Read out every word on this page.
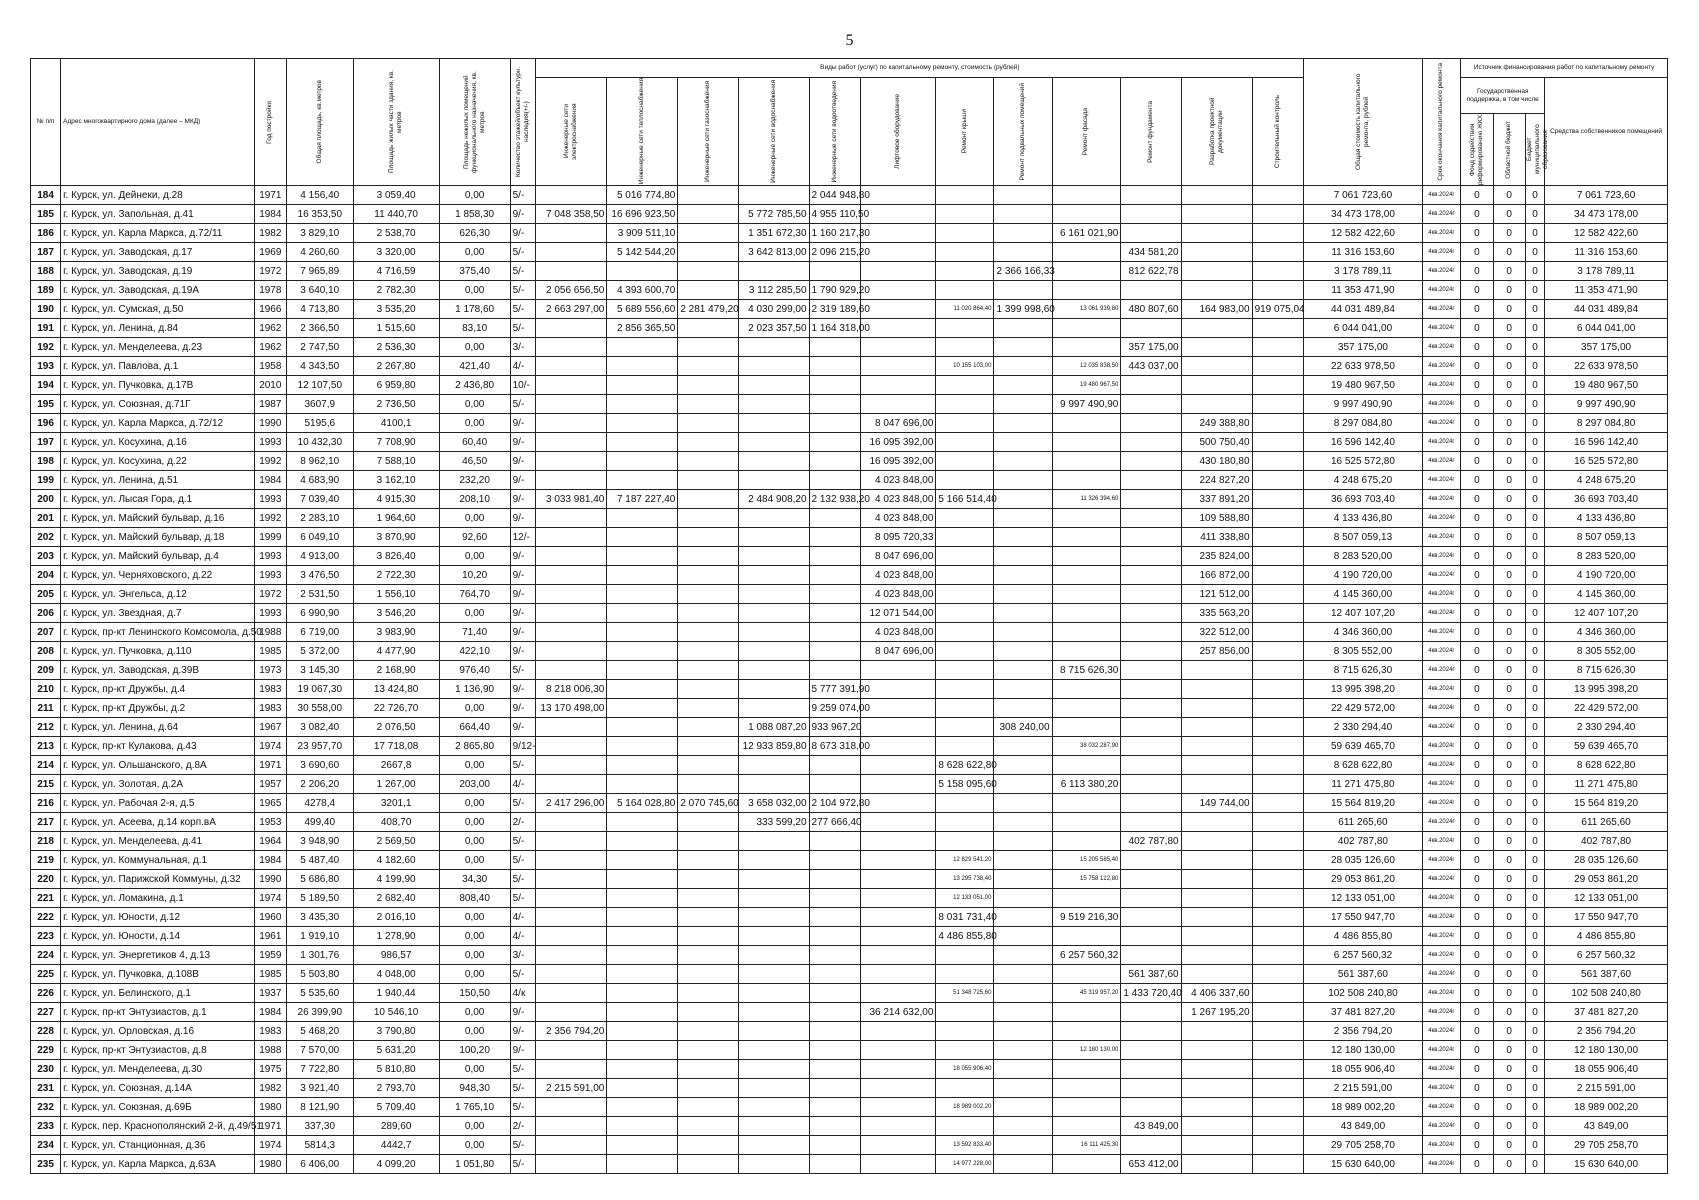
5
№ п/п	Адрес многоквартирного дома (далее – МКД)	Год постройки	Общая площадь, кв.метров	Площадь жилых части здания, кв. метров	Площадь нежилых помещений функционального назначения, кв. метров	Количество этажей/объект культурн. наследия(+/-)	Виды работ (услуг) по капитальному ремонту, стоимость (рублей)												Общая стоимость капитального ремонта, рублей	Срок окончания капитального ремонта	Источник финансирования работ по капитальному ремонту			

							Инженерные сети электроснабжения	Инженерные сети теплоснабжения	Инженерные сети газоснабжения	Инженерные сети водоснабжения	Инженерные сети водоотведения	Лифтовое оборудование	Ремонт крыши	Ремонт подвальных помещений	Ремонт фасада	Ремонт фундамента	Разработка проектной документации	Строительный контроль			Государственная поддержка, в том числе			Средства собственников помещений

																					Фонд содействия реформированию ЖКХ	Областной бюджет	Бюджет муниципального образования	

184	г. Курск, ул. Дейнеки, д.28	1971	4 156,40	3 059,40	0,00	5/-		5 016 774,80			2 044 948,80								7 061 723,60	4кв.2024г	0	0	0	7 061 723,60
185	г. Курск, ул. Запольная, д.41	1984	16 353,50	11 440,70	1 858,30	9/-	7 048 358,50	16 696 923,50		5 772 785,50	4 955 110,50								34 473 178,00	4кв.2024г	0	0	0	34 473 178,00
186	г. Курск, ул. Карла Маркса, д.72/11	1982	3 829,10	2 538,70	626,30	9/-		3 909 511,10		1 351 672,30	1 160 217,30				6 161 021,90				12 582 422,60	4кв.2024г	0	0	0	12 582 422,60
187	г. Курск, ул. Заводская, д.17	1969	4 260,60	3 320,00	0,00	5/-		5 142 544,20		3 642 813,00	2 096 215,20					434 581,20			11 316 153,60	4кв.2024г	0	0	0	11 316 153,60
188	г. Курск, ул. Заводская, д.19	1972	7 965,89	4 716,59	375,40	5/-								2 366 166,33		812 622,78			3 178 789,11	4кв.2024г	0	0	0	3 178 789,11
189	г. Курск, ул. Заводская, д.19А	1978	3 640,10	2 782,30	0,00	5/-	2 056 656,50	4 393 600,70		3 112 285,50	1 790 929,20								11 353 471,90	4кв.2024г	0	0	0	11 353 471,90
190	г. Курск, ул. Сумская, д.50	1966	4 713,80	3 535,20	1 178,60	5/-	2 663 297,00	5 689 556,60	2 281 479,20	4 030 299,00	2 319 189,60		11 020 864,40	1 399 998,60	13 061 939,80	480 807,60	164 983,00	919 075,04	44 031 489,84	4кв.2024г	0	0	0	44 031 489,84
191	г. Курск, ул. Ленина, д.84	1962	2 366,50	1 515,60	83,10	5/-		2 856 365,50		2 023 357,50	1 164 318,00								6 044 041,00	4кв.2024г	0	0	0	6 044 041,00
192	г. Курск, ул. Менделеева, д.23	1962	2 747,50	2 536,30	0,00	3/-										357 175,00			357 175,00	4кв.2024г	0	0	0	357 175,00
193	г. Курск, ул. Павлова, д.1	1958	4 343,50	2 267,80	421,40	4/-							10 155 103,00		12 035 838,50	443 037,00			22 633 978,50	4кв.2024г	0	0	0	22 633 978,50
194	г. Курск, ул. Пучковка, д.17В	2010	12 107,50	6 959,80	2 436,80	10/-									19 480 967,50				19 480 967,50	4кв.2024г	0	0	0	19 480 967,50
195	г. Курск, ул. Союзная, д.71Г	1987	3607,9	2 736,50	0,00	5/-									9 997 490,90				9 997 490,90	4кв.2024г	0	0	0	9 997 490,90
196	г. Курск, ул. Карла Маркса, д.72/12	1990	5195,6	4100,1	0,00	9/-						8 047 696,00					249 388,80		8 297 084,80	4кв.2024г	0	0	0	8 297 084,80
197	г. Курск, ул. Косухина, д.16	1993	10 432,30	7 708,90	60,40	9/-						16 095 392,00					500 750,40		16 596 142,40	4кв.2024г	0	0	0	16 596 142,40
198	г. Курск, ул. Косухина, д.22	1992	8 962,10	7 588,10	46,50	9/-						16 095 392,00					430 180,80		16 525 572,80	4кв.2024г	0	0	0	16 525 572,80
199	г. Курск, ул. Ленина, д.51	1984	4 683,90	3 162,10	232,20	9/-						4 023 848,00					224 827,20		4 248 675,20	4кв.2024г	0	0	0	4 248 675,20
200	г. Курск, ул. Лысая Гора, д.1	1993	7 039,40	4 915,30	208,10	9/-	3 033 981,40	7 187 227,40		2 484 908,20	2 132 938,20	4 023 848,00	5 166 514,40		11 326 394,60		337 891,20		36 693 703,40	4кв.2024г	0	0	0	36 693 703,40
201	г. Курск, ул. Майский бульвар, д.16	1992	2 283,10	1 964,60	0,00	9/-						4 023 848,00					109 588,80		4 133 436,80	4кв.2024г	0	0	0	4 133 436,80
202	г. Курск, ул. Майский бульвар, д.18	1999	6 049,10	3 870,90	92,60	12/-						8 095 720,33					411 338,80		8 507 059,13	4кв.2024г	0	0	0	8 507 059,13
203	г. Курск, ул. Майский бульвар, д.4	1993	4 913,00	3 826,40	0,00	9/-						8 047 696,00					235 824,00		8 283 520,00	4кв.2024г	0	0	0	8 283 520,00
204	г. Курск, ул. Черняховского, д.22	1993	3 476,50	2 722,30	10,20	9/-						4 023 848,00					166 872,00		4 190 720,00	4кв.2024г	0	0	0	4 190 720,00
205	г. Курск, ул. Энгельса, д.12	1972	2 531,50	1 556,10	764,70	9/-						4 023 848,00					121 512,00		4 145 360,00	4кв.2024г	0	0	0	4 145 360,00
206	г. Курск, ул. Звездная, д.7	1993	6 990,90	3 546,20	0,00	9/-						12 071 544,00					335 563,20		12 407 107,20	4кв.2024г	0	0	0	12 407 107,20
207	г. Курск, пр-кт Ленинского Комсомола, д.50	1988	6 719,00	3 983,90	71,40	9/-						4 023 848,00					322 512,00		4 346 360,00	4кв.2024г	0	0	0	4 346 360,00
208	г. Курск, ул. Пучковка, д.110	1985	5 372,00	4 477,90	422,10	9/-						8 047 696,00					257 856,00		8 305 552,00	4кв.2024г	0	0	0	8 305 552,00
209	г. Курск, ул. Заводская, д.39В	1973	3 145,30	2 168,90	976,40	5/-									8 715 626,30				8 715 626,30	4кв.2024г	0	0	0	8 715 626,30
210	г. Курск, пр-кт Дружбы, д.4	1983	19 067,30	13 424,80	1 136,90	9/-	8 218 006,30				5 777 391,90								13 995 398,20	4кв.2024г	0	0	0	13 995 398,20
211	г. Курск, пр-кт Дружбы, д.2	1983	30 558,00	22 726,70	0,00	9/-	13 170 498,00				9 259 074,00								22 429 572,00	4кв.2024г	0	0	0	22 429 572,00
212	г. Курск, ул. Ленина, д.64	1967	3 082,40	2 076,50	664,40	9/-				1 088 087,20	933 967,20			308 240,00					2 330 294,40	4кв.2024г	0	0	0	2 330 294,40
213	г. Курск, пр-кт Кулакова, д.43	1974	23 957,70	17 718,08	2 865,80	9/12-				12 933 859,80	8 673 318,00				38 032 287,90				59 639 465,70	4кв.2024г	0	0	0	59 639 465,70
214	г. Курск, ул. Ольшанского, д.8А	1971	3 690,60	2667,8	0,00	5/-							8 628 622,80						8 628 622,80	4кв.2024г	0	0	0	8 628 622,80
215	г. Курск, ул. Золотая, д.2А	1957	2 206,20	1 267,00	203,00	4/-							5 158 095,60		6 113 380,20				11 271 475,80	4кв.2024г	0	0	0	11 271 475,80
216	г. Курск, ул. Рабочая 2-я, д.5	1965	4278,4	3201,1	0,00	5/-	2 417 296,00	5 164 028,80	2 070 745,60	3 658 032,00	2 104 972,80						149 744,00		15 564 819,20	4кв.2024г	0	0	0	15 564 819,20
217	г. Курск, ул. Асеева, д.14 корп.вА	1953	499,40	408,70	0,00	2/-				333 599,20	277 666,40								611 265,60	4кв.2024г	0	0	0	611 265,60
218	г. Курск, ул. Менделеева, д.41	1964	3 948,90	2 569,50	0,00	5/-										402 787,80			402 787,80	4кв.2024г	0	0	0	402 787,80
219	г. Курск, ул. Коммунальная, д.1	1984	5 487,40	4 182,60	0,00	5/-							12 829 541,20		15 205 585,40				28 035 126,60	4кв.2024г	0	0	0	28 035 126,60
220	г. Курск, ул. Парижской Коммуны, д.32	1990	5 686,80	4 199,90	34,30	5/-							13 295 738,40		15 758 122,80				29 053 861,20	4кв.2024г	0	0	0	29 053 861,20
221	г. Курск, ул. Ломакина, д.1	1974	5 189,50	2 682,40	808,40	5/-							12 133 051,00						12 133 051,00	4кв.2024г	0	0	0	12 133 051,00
222	г. Курск, ул. Юности, д.12	1960	3 435,30	2 016,10	0,00	4/-							8 031 731,40		9 519 216,30				17 550 947,70	4кв.2024г	0	0	0	17 550 947,70
223	г. Курск, ул. Юности, д.14	1961	1 919,10	1 278,90	0,00	4/-							4 486 855,80						4 486 855,80	4кв.2024г	0	0	0	4 486 855,80
224	г. Курск, ул. Энергетиков 4, д.13	1959	1 301,76	986,57	0,00	3/-									6 257 560,32				6 257 560,32	4кв.2024г	0	0	0	6 257 560,32
225	г. Курск, ул. Пучковка, д.108В	1985	5 503,80	4 048,00	0,00	5/-										561 387,60			561 387,60	4кв.2024г	0	0	0	561 387,60
226	г. Курск, ул. Белинского, д.1	1937	5 535,60	1 940,44	150,50	4/к							51 348 725,60		45 319 957,20	1 433 720,40	4 406 337,60		102 508 240,80	4кв.2024г	0	0	0	102 508 240,80
227	г. Курск, пр-кт Энтузиастов, д.1	1984	26 399,90	10 546,10	0,00	9/-						36 214 632,00					1 267 195,20		37 481 827,20	4кв.2024г	0	0	0	37 481 827,20
228	г. Курск, ул. Орловская, д.16	1983	5 468,20	3 790,80	0,00	9/-	2 356 794,20												2 356 794,20	4кв.2024г	0	0	0	2 356 794,20
229	г. Курск, пр-кт Энтузиастов, д.8	1988	7 570,00	5 631,20	100,20	9/-									12 180 130,00				12 180 130,00	4кв.2024г	0	0	0	12 180 130,00
230	г. Курск, ул. Менделеева, д.30	1975	7 722,80	5 810,80	0,00	5/-							18 055 906,40						18 055 906,40	4кв.2024г	0	0	0	18 055 906,40
231	г. Курск, ул. Союзная, д.14А	1982	3 921,40	2 793,70	948,30	5/-	2 215 591,00												2 215 591,00	4кв.2024г	0	0	0	2 215 591,00
232	г. Курск, ул. Союзная, д.69Б	1980	8 121,90	5 709,40	1 765,10	5/-							18 989 002,20						18 989 002,20	4кв.2024г	0	0	0	18 989 002,20
233	г. Курск, пер. Краснополянский 2-й, д.49/51	1971	337,30	289,60	0,00	2/-										43 849,00			43 849,00	4кв.2024г	0	0	0	43 849,00
234	г. Курск, ул. Станционная, д.36	1974	5814,3	4442,7	0,00	5/-							13 592 833,40		16 111 425,30				29 705 258,70	4кв.2024г	0	0	0	29 705 258,70
235	г. Курск, ул. Карла Маркса, д.63А	1980	6 406,00	4 099,20	1 051,80	5/-							14 977 228,00			653 412,00			15 630 640,00	4кв.2024г	0	0	0	15 630 640,00
